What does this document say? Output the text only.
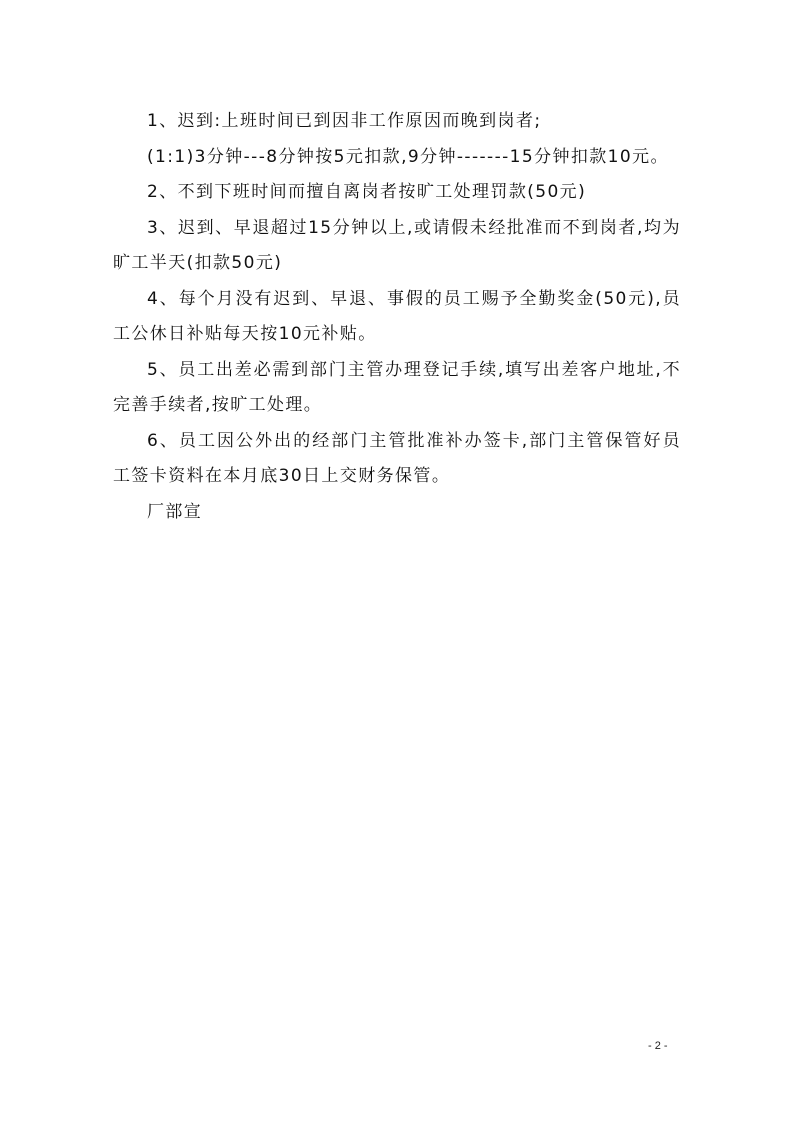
1、迟到:上班时间已到因非工作原因而晚到岗者;

(1:1)3分钟---8分钟按5元扣款,9分钟-------15分钟扣款10元。

2、不到下班时间而擅自离岗者按旷工处理罚款(50元)

3、迟到、早退超过15分钟以上,或请假未经批准而不到岗者,均为旷工半天(扣款50元)

4、每个月没有迟到、早退、事假的员工赐予全勤奖金(50元),员工公休日补贴每天按10元补贴。

5、员工出差必需到部门主管办理登记手续,填写出差客户地址,不完善手续者,按旷工处理。

6、员工因公外出的经部门主管批准补办签卡,部门主管保管好员工签卡资料在本月底30日上交财务保管。

厂部宣

- 2 -
